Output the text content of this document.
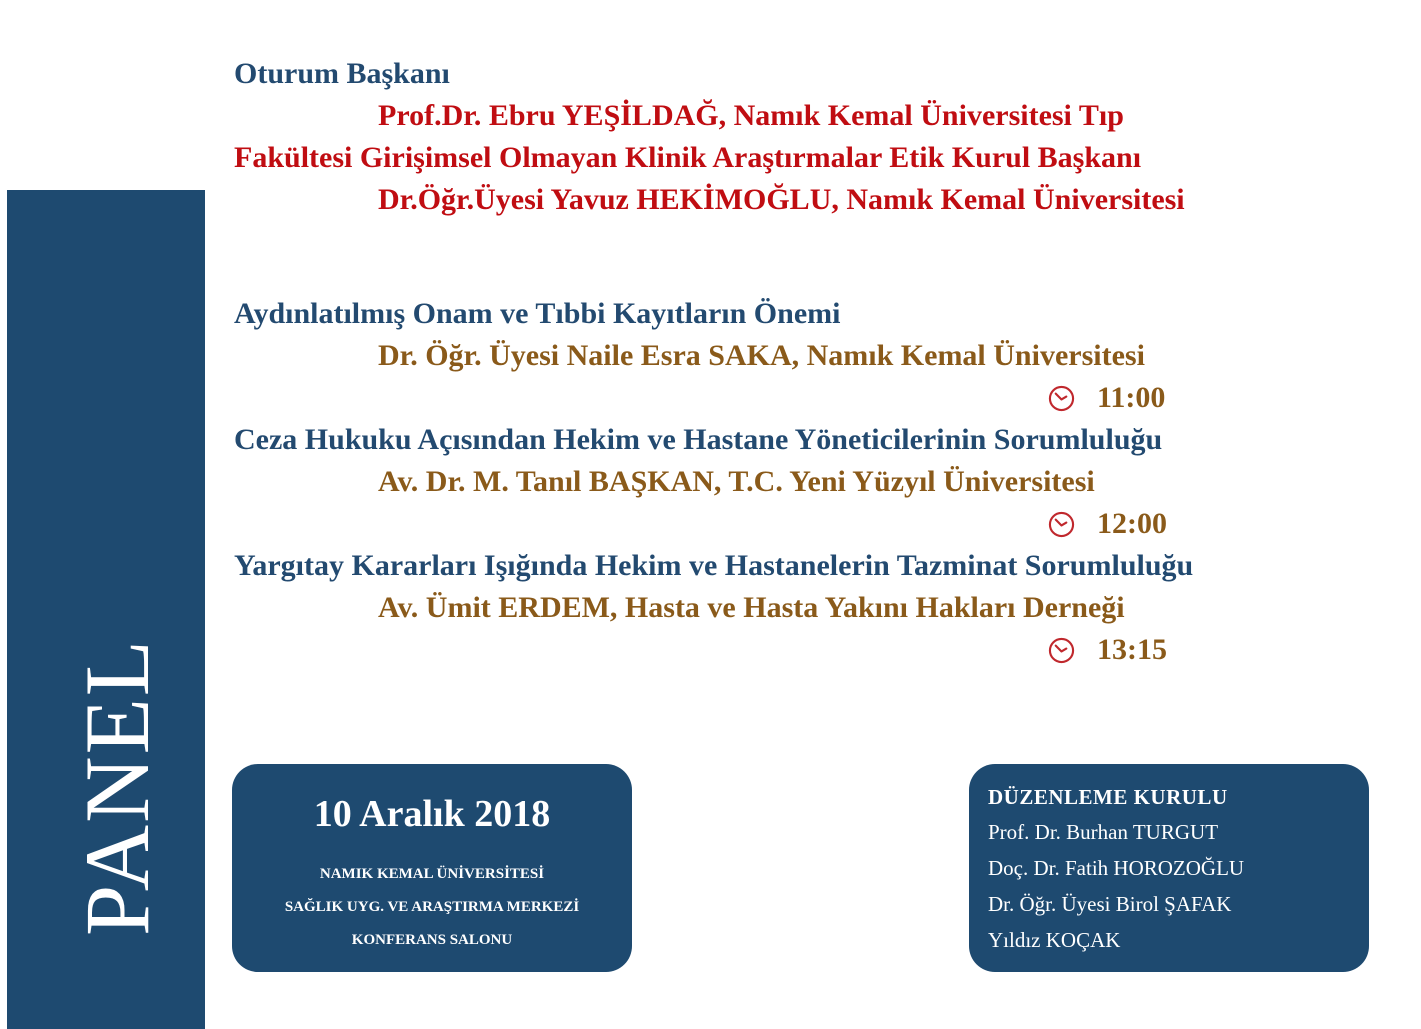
PANEL
Oturum Başkanı
Prof.Dr. Ebru YEŞİLDAĞ, Namık Kemal Üniversitesi Tıp
Fakültesi Girişimsel Olmayan Klinik Araştırmalar Etik Kurul Başkanı
Dr.Öğr.Üyesi Yavuz HEKİMOĞLU, Namık Kemal Üniversitesi
Aydınlatılmış Onam ve Tıbbi Kayıtların Önemi
Dr. Öğr. Üyesi Naile Esra SAKA, Namık Kemal Üniversitesi
11:00
Ceza Hukuku Açısından Hekim ve Hastane Yöneticilerinin Sorumluluğu
Av. Dr. M. Tanıl BAŞKAN, T.C. Yeni Yüzyıl Üniversitesi
12:00
Yargıtay Kararları Işığında Hekim ve Hastanelerin Tazminat Sorumluluğu
Av. Ümit ERDEM, Hasta ve Hasta Yakını Hakları Derneği
13:15
10 Aralık 2018
NAMIK KEMAL ÜNİVERSİTESİ
SAĞLIK UYG. VE ARAŞTIRMA MERKEZİ
KONFERANS SALONU
DÜZENLEME KURULU
Prof. Dr. Burhan TURGUT
Doç. Dr. Fatih HOROZOĞLU
Dr. Öğr. Üyesi Birol ŞAFAK
Yıldız KOÇAK
